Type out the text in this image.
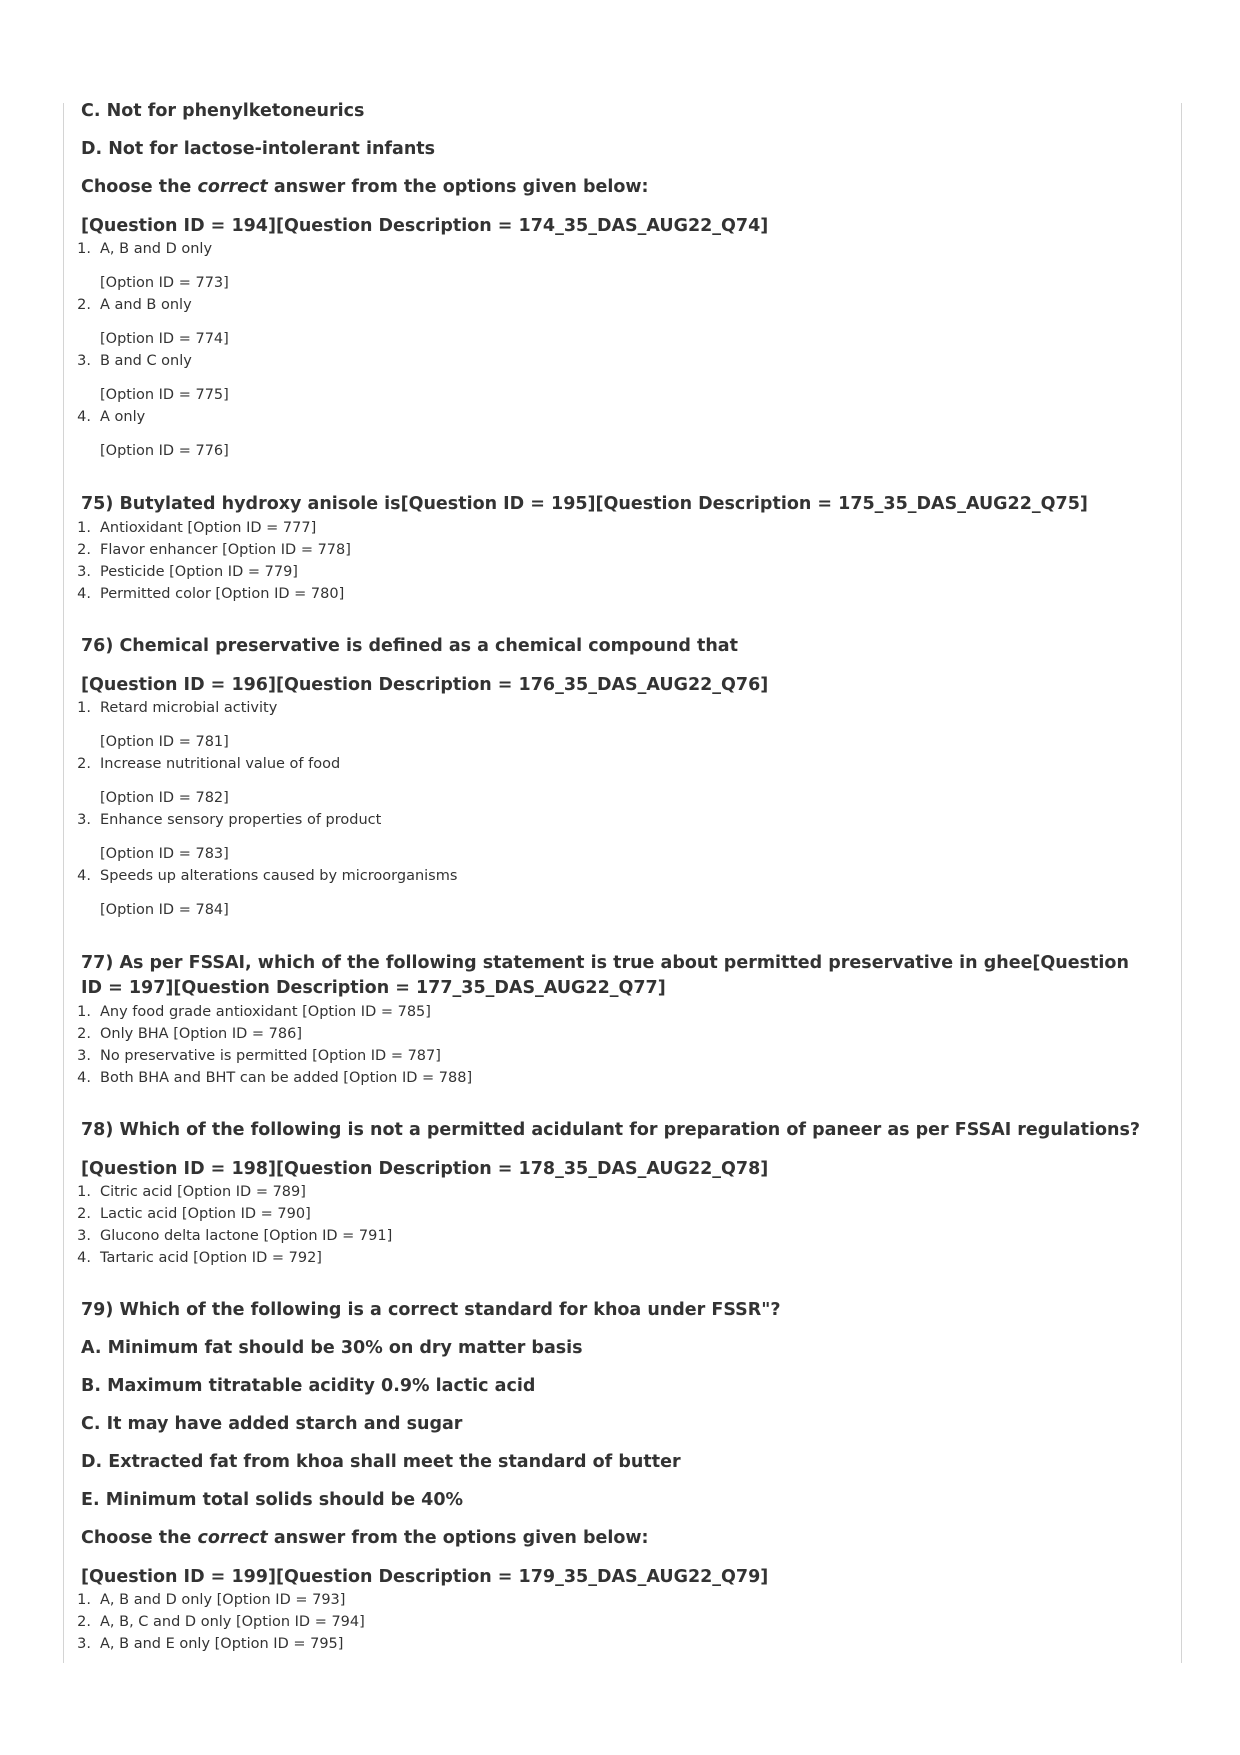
C. Not for phenylketoneurics

D. Not for lactose-intolerant infants

Choose the correct answer from the options given below:

[Question ID = 194][Question Description = 174_35_DAS_AUG22_Q74]
1. A, B and D only
[Option ID = 773]
2. A and B only
[Option ID = 774]
3. B and C only
[Option ID = 775]
4. A only
[Option ID = 776]
75) Butylated hydroxy anisole is[Question ID = 195][Question Description = 175_35_DAS_AUG22_Q75]
1. Antioxidant [Option ID = 777]
2. Flavor enhancer [Option ID = 778]
3. Pesticide [Option ID = 779]
4. Permitted color [Option ID = 780]

76) Chemical preservative is defined as a chemical compound that

[Question ID = 196][Question Description = 176_35_DAS_AUG22_Q76]
1. Retard microbial activity
[Option ID = 781]
2. Increase nutritional value of food
[Option ID = 782]
3. Enhance sensory properties of product
[Option ID = 783]
4. Speeds up alterations caused by microorganisms
[Option ID = 784]
77) As per FSSAI, which of the following statement is true about permitted preservative in ghee[Question ID = 197][Question Description = 177_35_DAS_AUG22_Q77]
1. Any food grade antioxidant [Option ID = 785]
2. Only BHA [Option ID = 786]
3. No preservative is permitted [Option ID = 787]
4. Both BHA and BHT can be added [Option ID = 788]

78) Which of the following is not a permitted acidulant for preparation of paneer as per FSSAI regulations?

[Question ID = 198][Question Description = 178_35_DAS_AUG22_Q78]
1. Citric acid [Option ID = 789]
2. Lactic acid [Option ID = 790]
3. Glucono delta lactone [Option ID = 791]
4. Tartaric acid [Option ID = 792]

79) Which of the following is a correct standard for khoa under FSSR"?

A. Minimum fat should be 30% on dry matter basis

B. Maximum titratable acidity 0.9% lactic acid

C. It may have added starch and sugar

D. Extracted fat from khoa shall meet the standard of butter

E. Minimum total solids should be 40%

Choose the correct answer from the options given below:

[Question ID = 199][Question Description = 179_35_DAS_AUG22_Q79]
1. A, B and D only [Option ID = 793]
2. A, B, C and D only [Option ID = 794]
3. A, B and E only [Option ID = 795]
